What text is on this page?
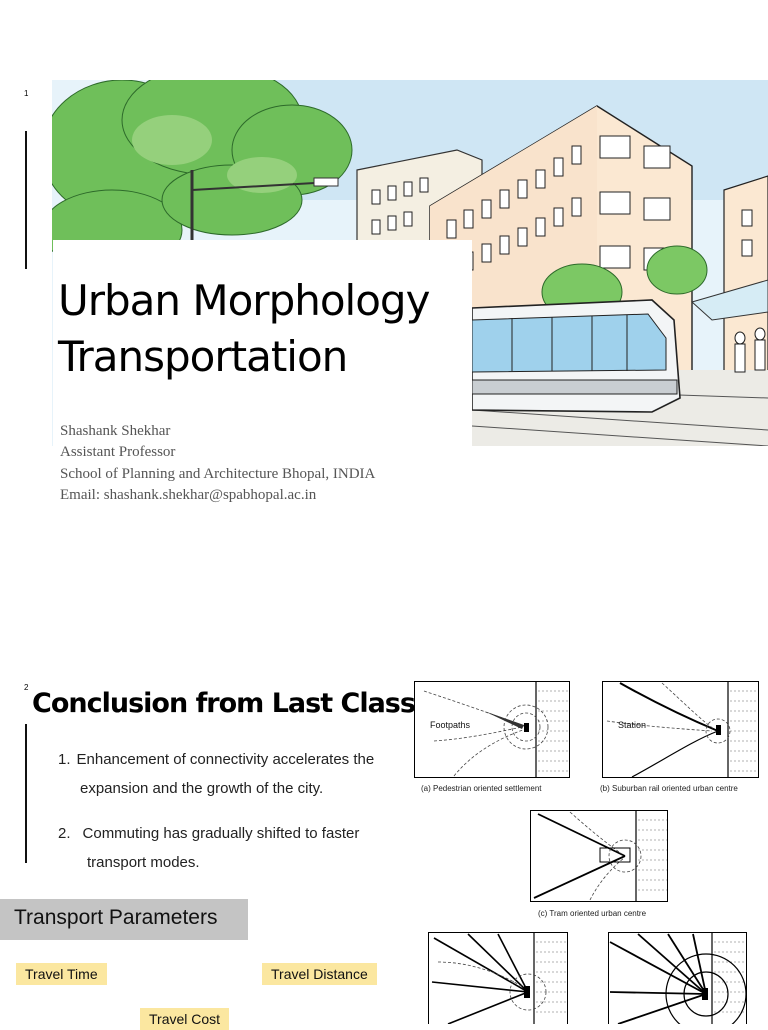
1
Urban Morphology
Transportation
Shashank Shekhar
Assistant Professor
School of Planning and Architecture Bhopal, INDIA
Email: shashank.shekhar@spabhopal.ac.in
2
Conclusion from Last Class
1. Enhancement of connectivity accelerates the
expansion and the growth of the city.
2. Commuting has gradually shifted to faster
transport modes.
Transport Parameters
Travel Time	Travel Distance
Travel Cost
Footpaths
(a) Pedestrian oriented settlement
Station
(b) Suburban rail oriented urban centre
(c) Tram oriented urban centre
